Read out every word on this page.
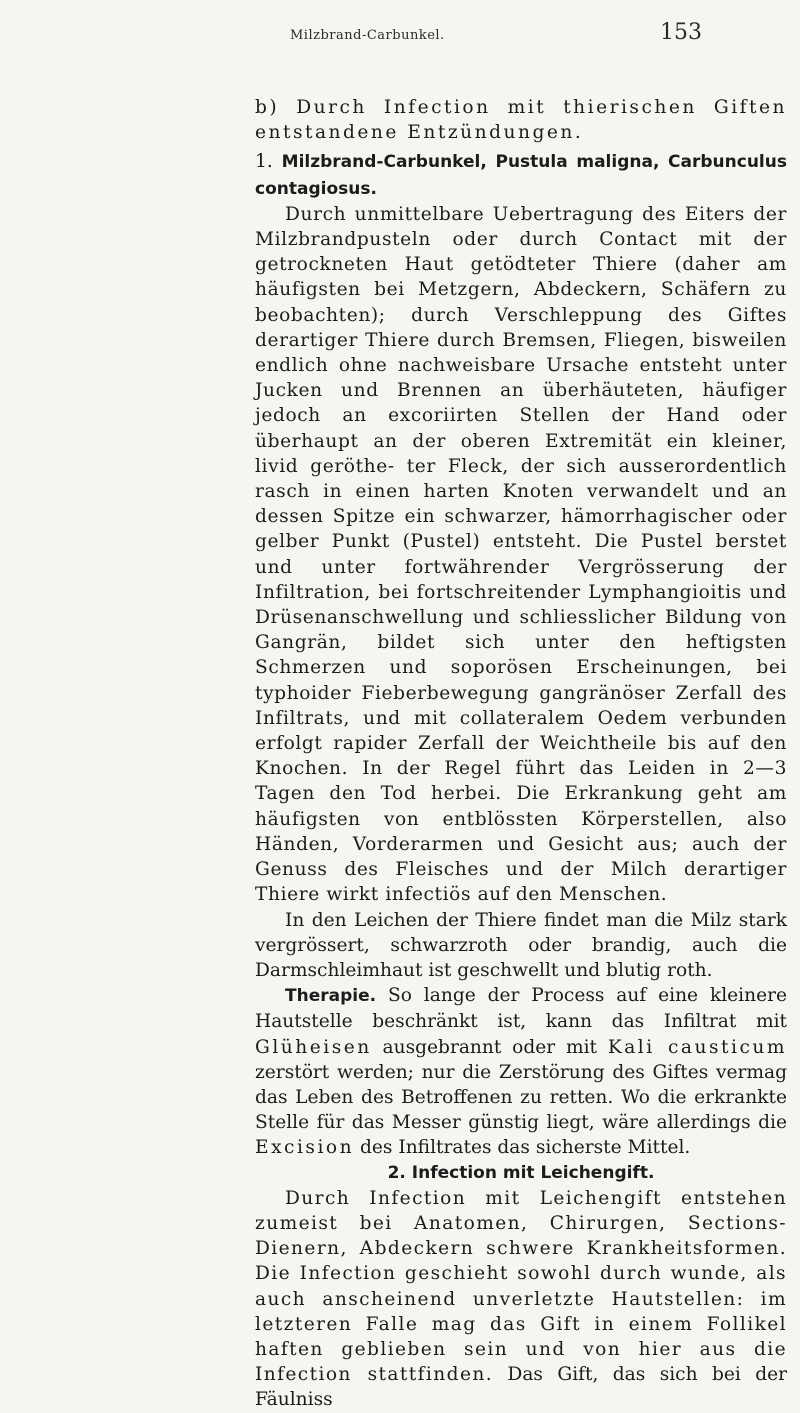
Milzbrand-Carbunkel.	153

b) Durch Infection mit thierischen Giften entstandene Entzündungen.

1. Milzbrand-Carbunkel, Pustula maligna, Carbunculus contagiosus.

Durch unmittelbare Uebertragung des Eiters der Milzbrandpusteln oder durch Contact mit der getrockneten Haut getödteter Thiere (daher am häufigsten bei Metzgern, Abdeckern, Schäfern zu beobachten); durch Verschleppung des Giftes derartiger Thiere durch Bremsen, Fliegen, bisweilen endlich ohne nachweisbare Ursache entsteht unter Jucken und Brennen an überhäuteten, häufiger jedoch an excoriirten Stellen der Hand oder überhaupt an der oberen Extremität ein kleiner, livid geröthe- ter Fleck, der sich ausserordentlich rasch in einen harten Knoten verwandelt und an dessen Spitze ein schwarzer, hämorrhagischer oder gelber Punkt (Pustel) entsteht. Die Pustel berstet und unter fortwährender Vergrösserung der Infiltration, bei fortschreitender Lymphangioitis und Drüsenanschwellung und schliesslicher Bildung von Gangrän, bildet sich unter den heftigsten Schmerzen und soporösen Erscheinungen, bei typhoider Fieberbewegung gangränöser Zerfall des Infiltrats, und mit collateralem Oedem verbunden erfolgt rapider Zerfall der Weichtheile bis auf den Knochen. In der Regel führt das Leiden in 2—3 Tagen den Tod herbei. Die Erkrankung geht am häufigsten von entblössten Körperstellen, also Händen, Vorderarmen und Gesicht aus; auch der Genuss des Fleisches und der Milch derartiger Thiere wirkt infectiös auf den Menschen.

In den Leichen der Thiere findet man die Milz stark vergrössert, schwarzroth oder brandig, auch die Darmschleimhaut ist geschwellt und blutig roth.

Therapie. So lange der Process auf eine kleinere Hautstelle beschränkt ist, kann das Infiltrat mit Glüheisen ausgebrannt oder mit Kali causticum zerstört werden; nur die Zerstörung des Giftes vermag das Leben des Betroffenen zu retten. Wo die erkrankte Stelle für das Messer günstig liegt, wäre allerdings die Excision des Infiltrates das sicherste Mittel.

2. Infection mit Leichengift.

Durch Infection mit Leichengift entstehen zumeist bei Anatomen, Chirurgen, Sections-Dienern, Abdeckern schwere Krankheitsformen. Die Infection geschieht sowohl durch wunde, als auch anscheinend unverletzte Hautstellen: im letzteren Falle mag das Gift in einem Follikel haften geblieben sein und von hier aus die Infection stattfinden. Das Gift, das sich bei der Fäulniss
